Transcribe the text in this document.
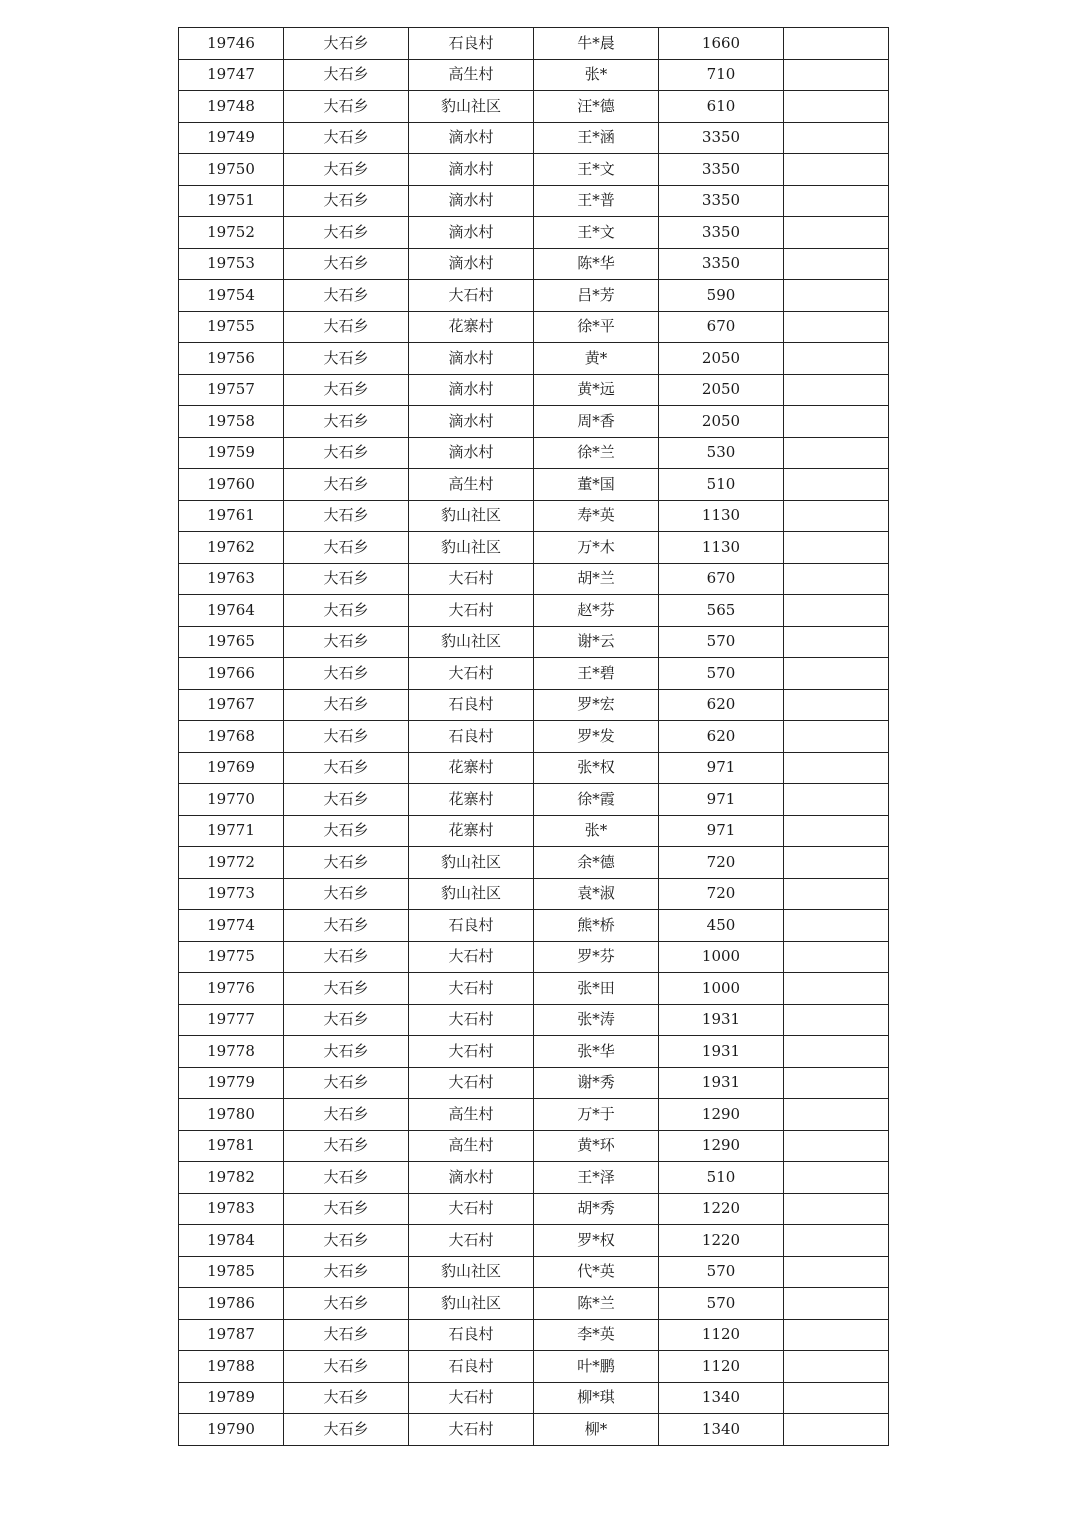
19746	大石乡	石良村	牛*晨	1660	
19747	大石乡	高生村	张*	710	
19748	大石乡	豹山社区	汪*德	610	
19749	大石乡	滴水村	王*涵	3350	
19750	大石乡	滴水村	王*文	3350	
19751	大石乡	滴水村	王*普	3350	
19752	大石乡	滴水村	王*文	3350	
19753	大石乡	滴水村	陈*华	3350	
19754	大石乡	大石村	吕*芳	590	
19755	大石乡	花寨村	徐*平	670	
19756	大石乡	滴水村	黄*	2050	
19757	大石乡	滴水村	黄*远	2050	
19758	大石乡	滴水村	周*香	2050	
19759	大石乡	滴水村	徐*兰	530	
19760	大石乡	高生村	董*国	510	
19761	大石乡	豹山社区	寿*英	1130	
19762	大石乡	豹山社区	万*木	1130	
19763	大石乡	大石村	胡*兰	670	
19764	大石乡	大石村	赵*芬	565	
19765	大石乡	豹山社区	谢*云	570	
19766	大石乡	大石村	王*碧	570	
19767	大石乡	石良村	罗*宏	620	
19768	大石乡	石良村	罗*发	620	
19769	大石乡	花寨村	张*权	971	
19770	大石乡	花寨村	徐*霞	971	
19771	大石乡	花寨村	张*	971	
19772	大石乡	豹山社区	余*德	720	
19773	大石乡	豹山社区	袁*淑	720	
19774	大石乡	石良村	熊*桥	450	
19775	大石乡	大石村	罗*芬	1000	
19776	大石乡	大石村	张*田	1000	
19777	大石乡	大石村	张*涛	1931	
19778	大石乡	大石村	张*华	1931	
19779	大石乡	大石村	谢*秀	1931	
19780	大石乡	高生村	万*于	1290	
19781	大石乡	高生村	黄*环	1290	
19782	大石乡	滴水村	王*泽	510	
19783	大石乡	大石村	胡*秀	1220	
19784	大石乡	大石村	罗*权	1220	
19785	大石乡	豹山社区	代*英	570	
19786	大石乡	豹山社区	陈*兰	570	
19787	大石乡	石良村	李*英	1120	
19788	大石乡	石良村	叶*鹏	1120	
19789	大石乡	大石村	柳*琪	1340	
19790	大石乡	大石村	柳*	1340	
